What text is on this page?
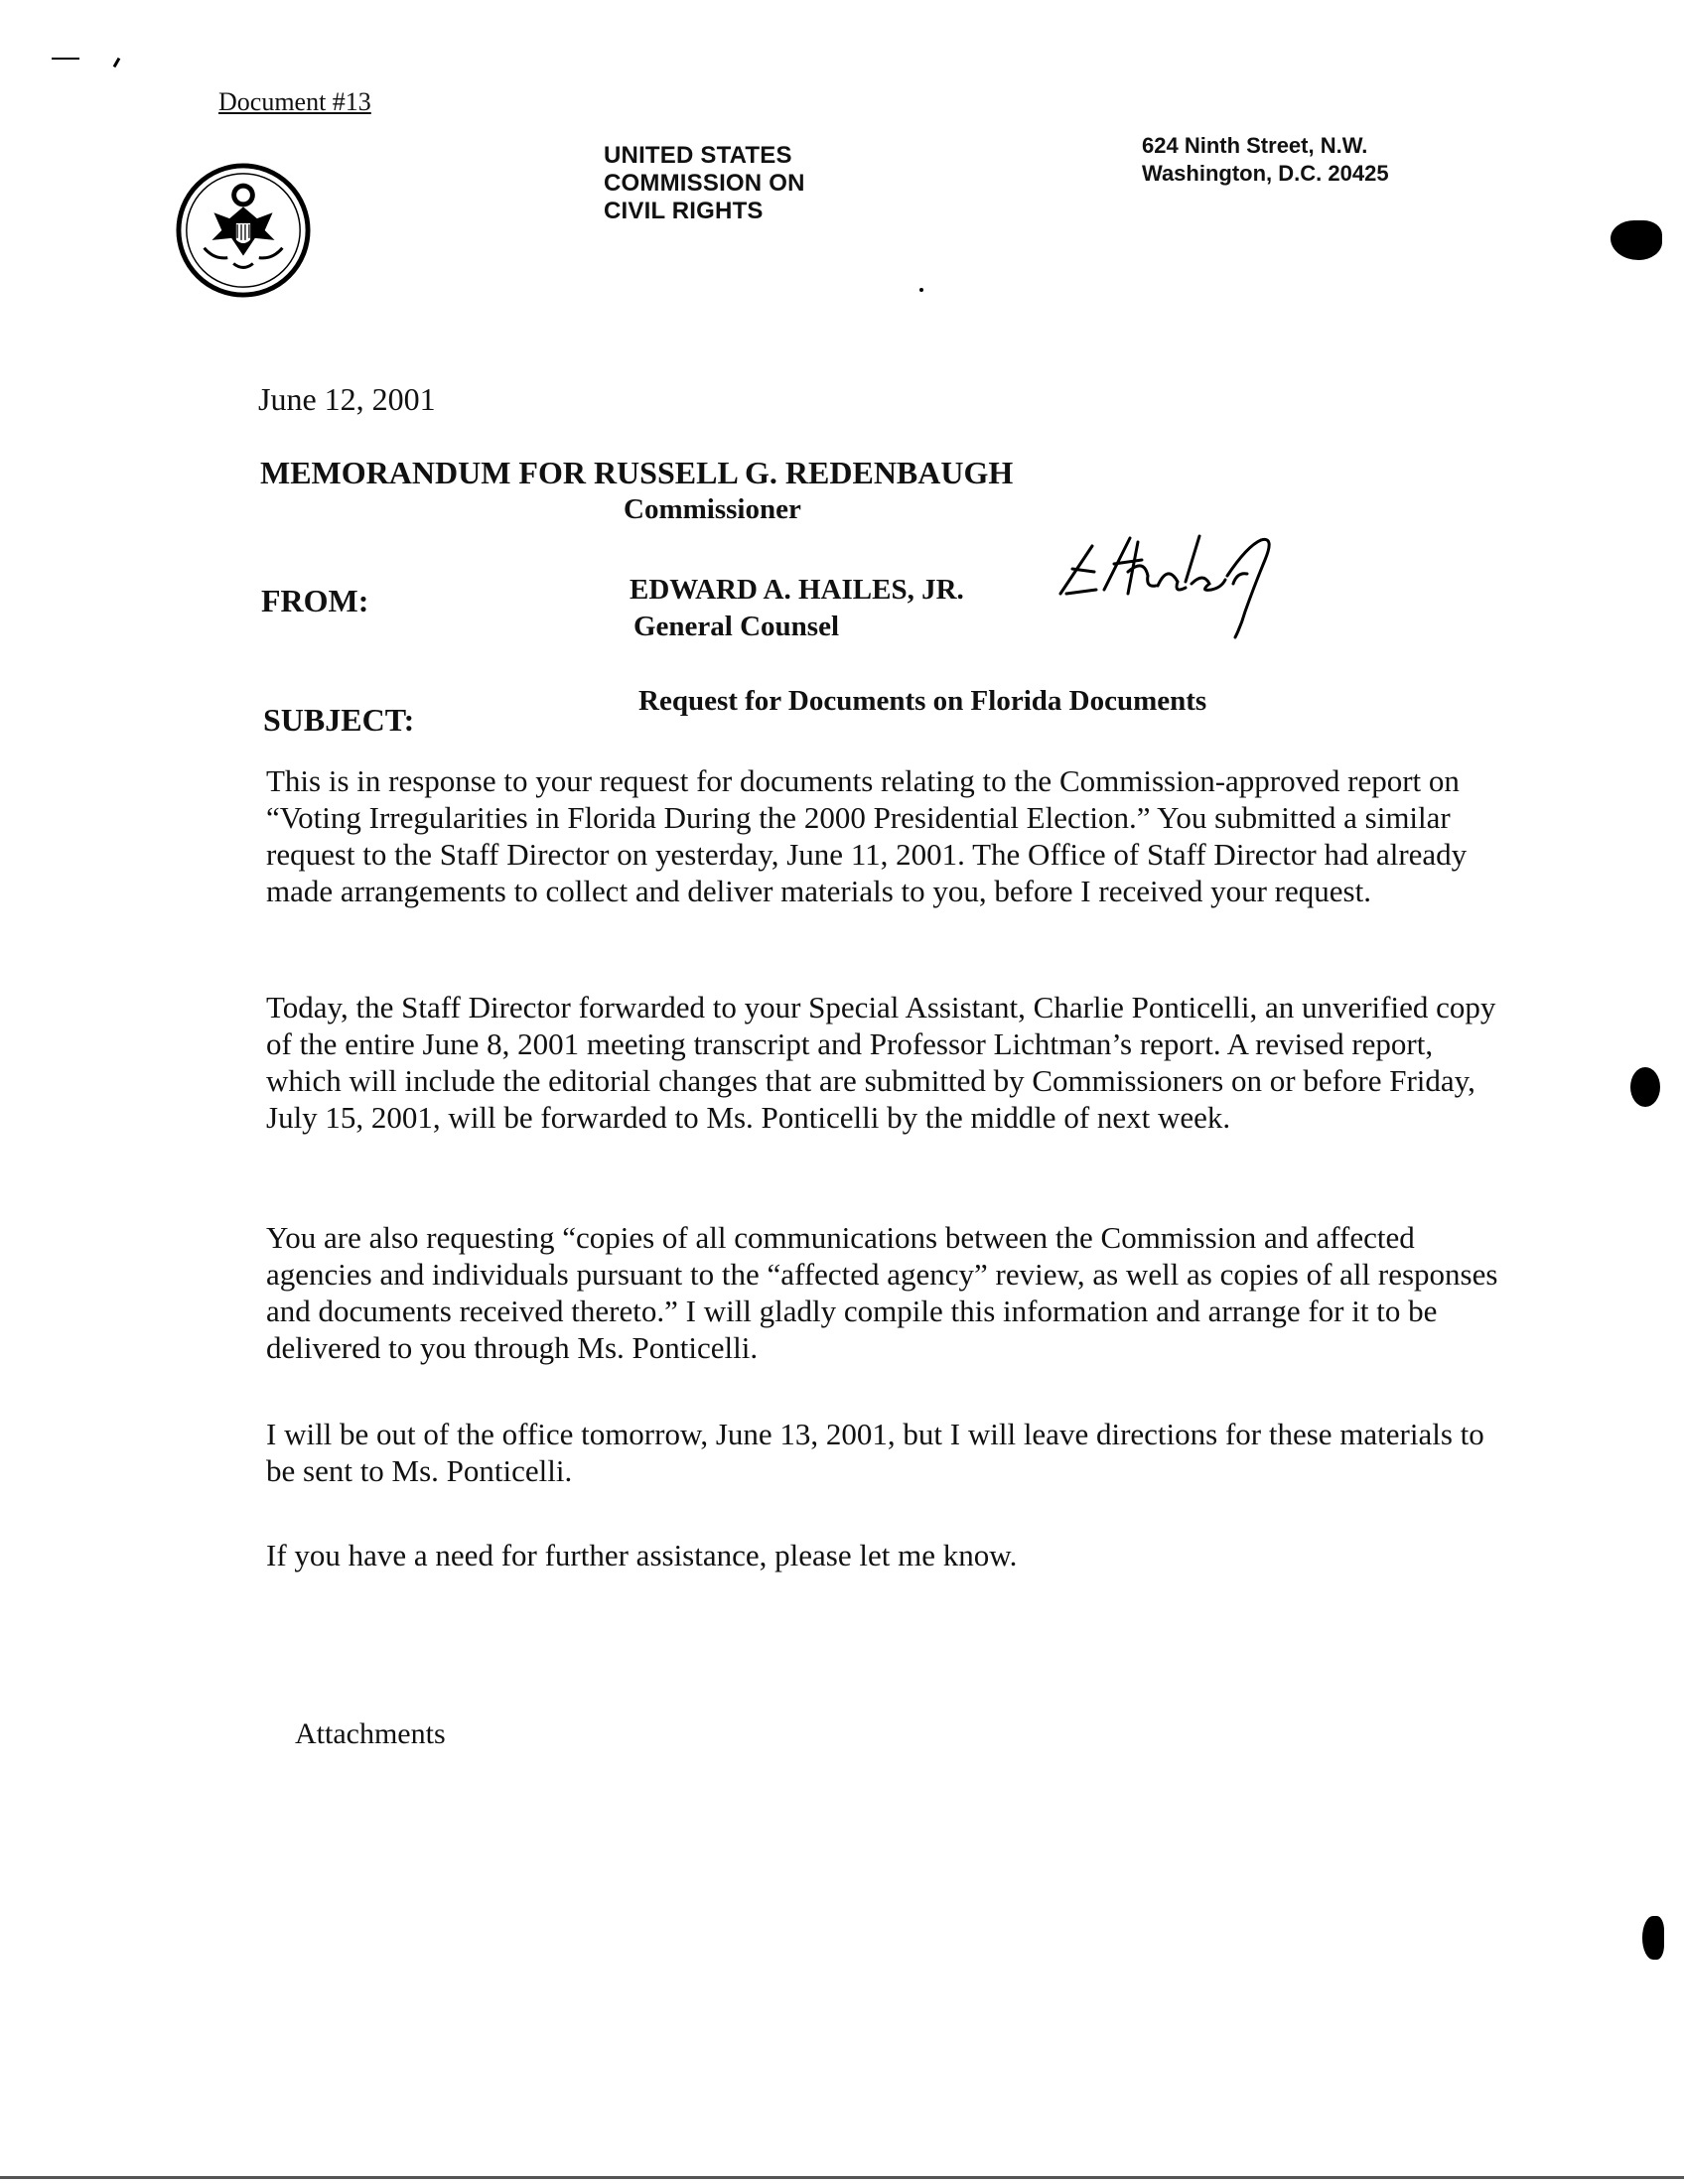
Document #13
UNITED STATES
COMMISSION ON
CIVIL RIGHTS
624 Ninth Street, N.W.
Washington, D.C. 20425
June 12, 2001
MEMORANDUM FOR RUSSELL G. REDENBAUGH
Commissioner
FROM:	EDWARD A. HAILES, JR.
General Counsel
SUBJECT:
Request for Documents on Florida Documents
This is in response to your request for documents relating to the Commission-approved report on “Voting Irregularities in Florida During the 2000 Presidential Election.” You submitted a similar request to the Staff Director on yesterday, June 11, 2001. The Office of Staff Director had already made arrangements to collect and deliver materials to you, before I received your request.
Today, the Staff Director forwarded to your Special Assistant, Charlie Ponticelli, an unverified copy of the entire June 8, 2001 meeting transcript and Professor Lichtman’s report. A revised report, which will include the editorial changes that are submitted by Commissioners on or before Friday, July 15, 2001, will be forwarded to Ms. Ponticelli by the middle of next week.
You are also requesting “copies of all communications between the Commission and affected agencies and individuals pursuant to the “affected agency” review, as well as copies of all responses and documents received thereto.” I will gladly compile this information and arrange for it to be delivered to you through Ms. Ponticelli.
I will be out of the office tomorrow, June 13, 2001, but I will leave directions for these materials to be sent to Ms. Ponticelli.
If you have a need for further assistance, please let me know.
Attachments
